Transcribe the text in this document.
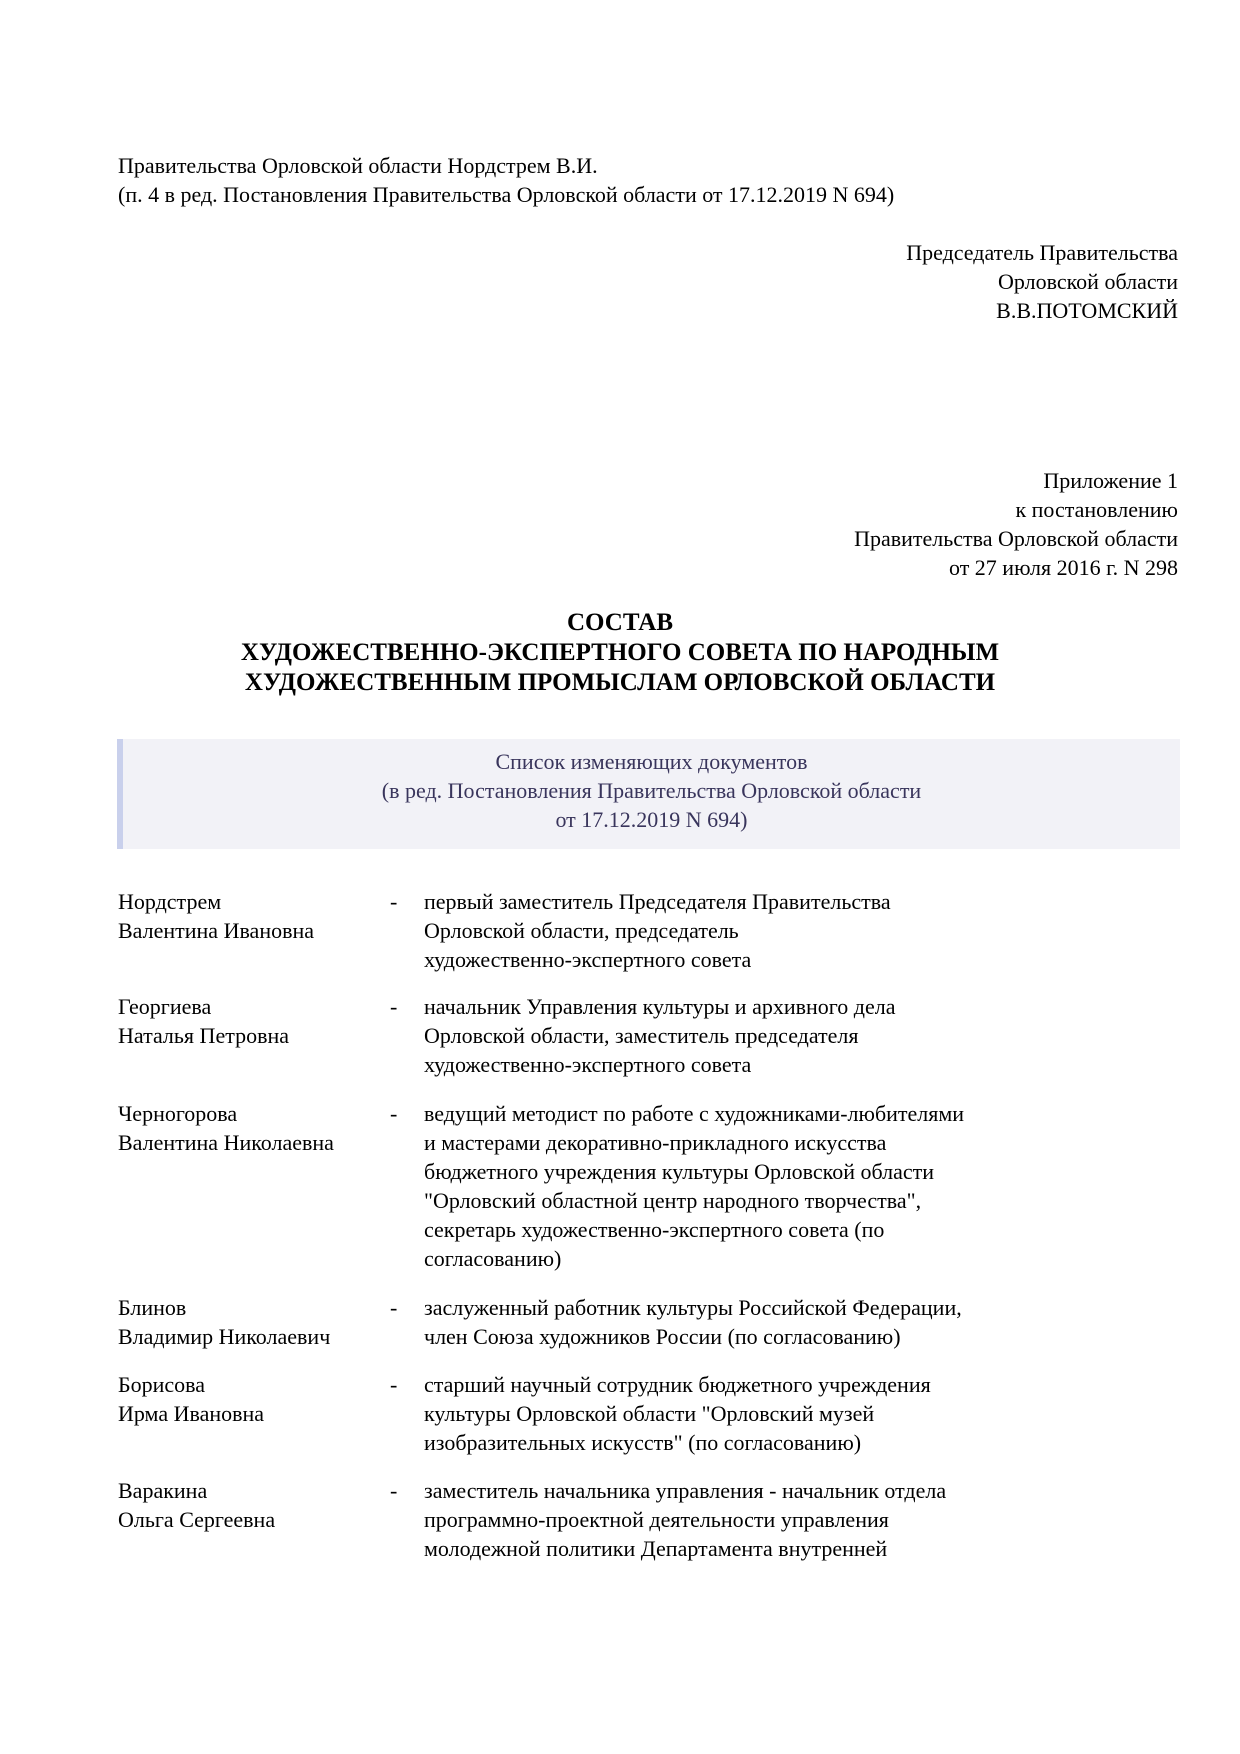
Правительства Орловской области Нордстрем В.И.
(п. 4 в ред. Постановления Правительства Орловской области от 17.12.2019 N 694)
Председатель Правительства
Орловской области
В.В.ПОТОМСКИЙ
Приложение 1
к постановлению
Правительства Орловской области
от 27 июля 2016 г. N 298
СОСТАВ
ХУДОЖЕСТВЕННО-ЭКСПЕРТНОГО СОВЕТА ПО НАРОДНЫМ
ХУДОЖЕСТВЕННЫМ ПРОМЫСЛАМ ОРЛОВСКОЙ ОБЛАСТИ
Список изменяющих документов
(в ред. Постановления Правительства Орловской области
от 17.12.2019 N 694)
Нордстрем
Валентина Ивановна
-	первый заместитель Председателя Правительства
Орловской области, председатель
художественно-экспертного совета
Георгиева
Наталья Петровна
-	начальник Управления культуры и архивного дела
Орловской области, заместитель председателя
художественно-экспертного совета
Черногорова
Валентина Николаевна
-	ведущий методист по работе с художниками-любителями
и мастерами декоративно-прикладного искусства
бюджетного учреждения культуры Орловской области
"Орловский областной центр народного творчества",
секретарь художественно-экспертного совета (по
согласованию)
Блинов
Владимир Николаевич
-	заслуженный работник культуры Российской Федерации,
член Союза художников России (по согласованию)
Борисова
Ирма Ивановна
-	старший научный сотрудник бюджетного учреждения
культуры Орловской области "Орловский музей
изобразительных искусств" (по согласованию)
Варакина
Ольга Сергеевна
-	заместитель начальника управления - начальник отдела
программно-проектной деятельности управления
молодежной политики Департамента внутренней
